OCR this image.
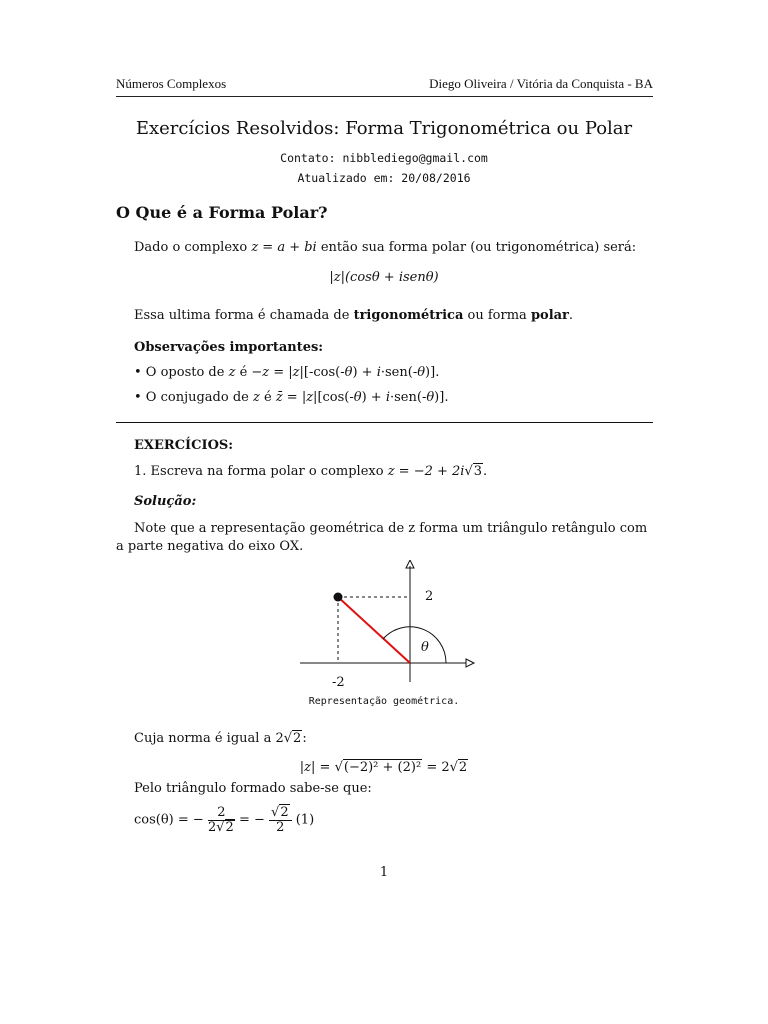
Números Complexos	Diego Oliveira / Vitória da Conquista - BA
Exercícios Resolvidos: Forma Trigonométrica ou Polar
Contato: nibblediego@gmail.com
Atualizado em: 20/08/2016
O Que é a Forma Polar?
Dado o complexo z = a + bi então sua forma polar (ou trigonométrica) será:
|z|(cosθ + isenθ)
Essa ultima forma é chamada de trigonométrica ou forma polar.
Observações importantes:
• O oposto de z é −z = |z|[-cos(-θ) + i·sen(-θ)].
• O conjugado de z é z̄ = |z|[cos(-θ) + i·sen(-θ)].
EXERCÍCIOS:
1. Escreva na forma polar o complexo z = −2 + 2i√3.
Solução:
Note que a representação geométrica de z forma um triângulo retângulo com a parte negativa do eixo OX.
2
-2
θ
Representação geométrica.
Cuja norma é igual a 2√2:
|z| = √(−2)² + (2)² = 2√2
Pelo triângulo formado sabe-se que:
cos(θ) = − $\frac{2}{2√2}$ = − $\frac{√2}{2} (1)$
1
